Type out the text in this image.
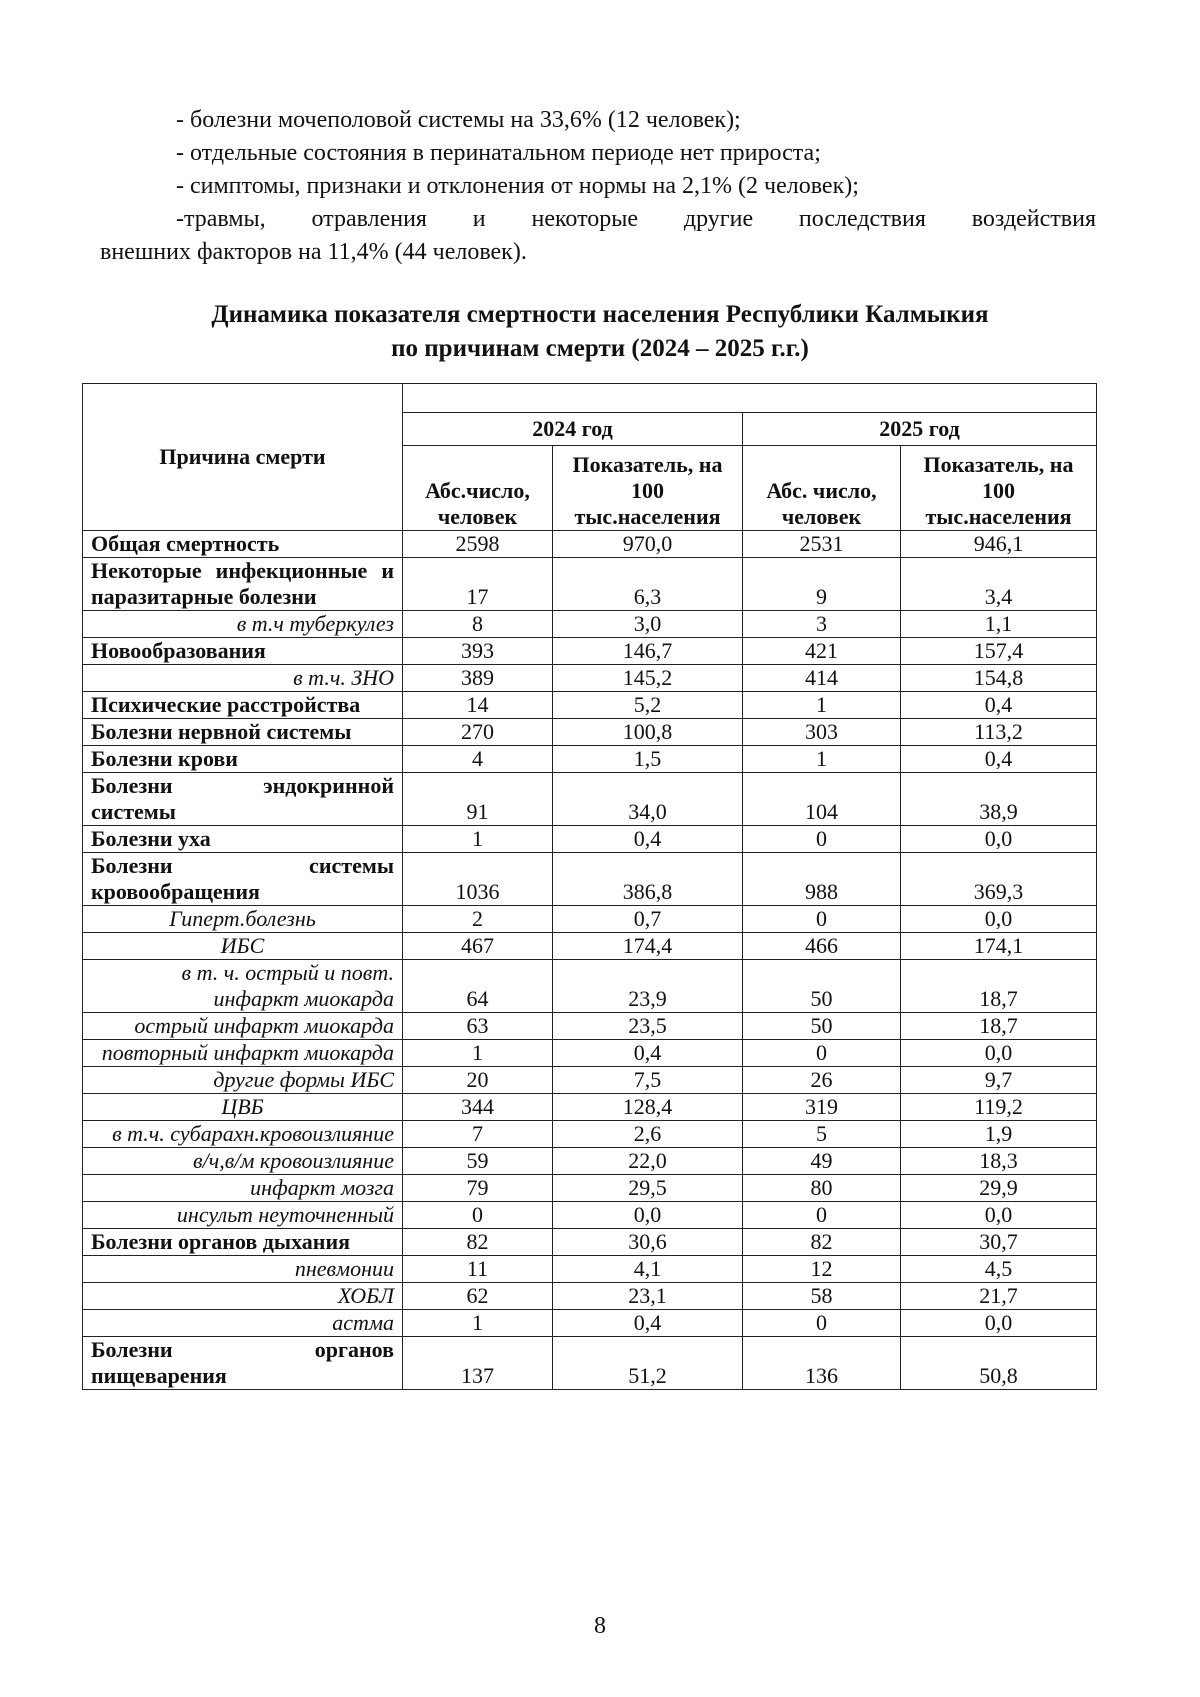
- болезни мочеполовой системы на 33,6% (12 человек);

- отдельные состояния в перинатальном периоде нет прироста;

- симптомы, признаки и отклонения от нормы на 2,1% (2 человек);

-травмы, отравления и некоторые другие последствия воздействия

внешних факторов на 11,4% (44 человек).

Динамика показателя смертности населения Республики Калмыкия
по причинам смерти (2024 – 2025 г.г.)
Причина смерти				
	2024 год		2025 год	
	Абс.число, человек	Показатель, на 100 тыс.населения	Абс. число, человек	Показатель, на 100 тыс.населения
Общая смертность	2598	970,0	2531	946,1
Некоторые инфекционные и паразитарные болезни	17	6,3	9	3,4
в т.ч туберкулез	8	3,0	3	1,1
Новообразования	393	146,7	421	157,4
в т.ч. ЗНО	389	145,2	414	154,8
Психические расстройства	14	5,2	1	0,4
Болезни нервной системы	270	100,8	303	113,2
Болезни крови	4	1,5	1	0,4
Болезни эндокринной системы	91	34,0	104	38,9
Болезни уха	1	0,4	0	0,0
Болезни системы кровообращения	1036	386,8	988	369,3
Гиперт.болезнь	2	0,7	0	0,0
ИБС	467	174,4	466	174,1
в т. ч. острый и повт. инфаркт миокарда	64	23,9	50	18,7
острый инфаркт миокарда	63	23,5	50	18,7
повторный инфаркт миокарда	1	0,4	0	0,0
другие формы ИБС	20	7,5	26	9,7
ЦВБ	344	128,4	319	119,2
в т.ч. субарахн.кровоизлияние	7	2,6	5	1,9
в/ч,в/м кровоизлияние	59	22,0	49	18,3
инфаркт мозга	79	29,5	80	29,9
инсульт неуточненный	0	0,0	0	0,0
Болезни органов дыхания	82	30,6	82	30,7
пневмонии	11	4,1	12	4,5
ХОБЛ	62	23,1	58	21,7
астма	1	0,4	0	0,0
Болезни органов пищеварения	137	51,2	136	50,8
8
